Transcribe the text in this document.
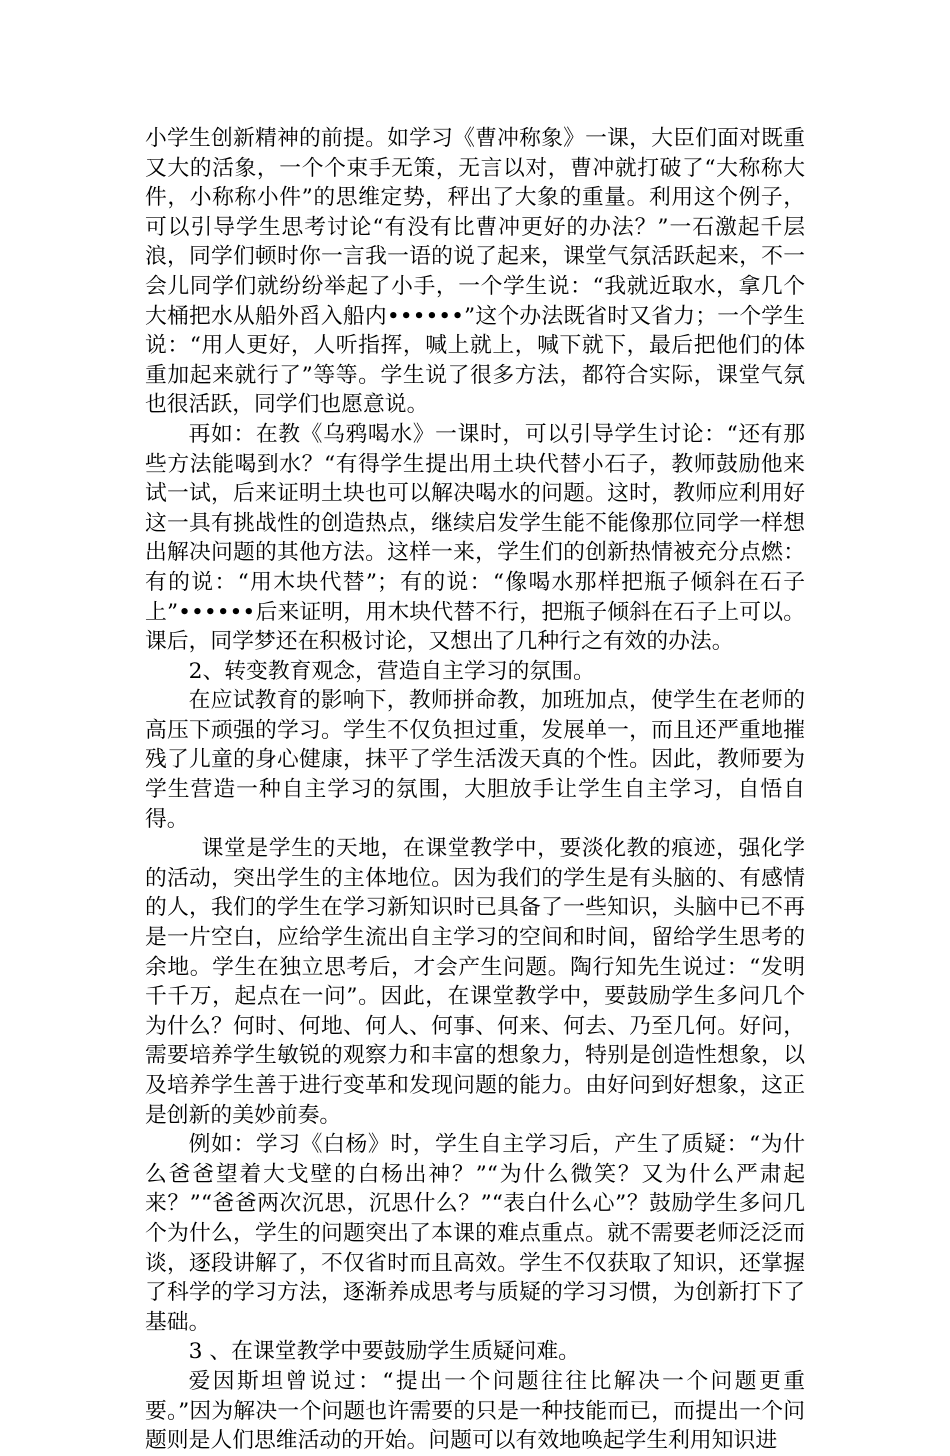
小学生创新精神的前提。如学习《曹冲称象》一课，大臣们面对既重又大的活象，一个个束手无策，无言以对，曹冲就打破了“大称称大件，小称称小件”的思维定势，秤出了大象的重量。利用这个例子，可以引导学生思考讨论“有没有比曹冲更好的办法？”一石激起千层浪，同学们顿时你一言我一语的说了起来，课堂气氛活跃起来，不一会儿同学们就纷纷举起了小手，一个学生说：“我就近取水，拿几个大桶把水从船外舀入船内••••••”这个办法既省时又省力；一个学生说：“用人更好，人听指挥，喊上就上，喊下就下，最后把他们的体重加起来就行了”等等。学生说了很多方法，都符合实际，课堂气氛也很活跃，同学们也愿意说。

再如：在教《乌鸦喝水》一课时，可以引导学生讨论：“还有那些方法能喝到水？“有得学生提出用土块代替小石子，教师鼓励他来试一试，后来证明土块也可以解决喝水的问题。这时，教师应利用好这一具有挑战性的创造热点，继续启发学生能不能像那位同学一样想出解决问题的其他方法。这样一来，学生们的创新热情被充分点燃：有的说：“用木块代替”；有的说：“像喝水那样把瓶子倾斜在石子上”••••••后来证明，用木块代替不行，把瓶子倾斜在石子上可以。课后，同学梦还在积极讨论，又想出了几种行之有效的办法。

2、转变教育观念，营造自主学习的氛围。

在应试教育的影响下，教师拼命教，加班加点，使学生在老师的高压下顽强的学习。学生不仅负担过重，发展单一，而且还严重地摧残了儿童的身心健康，抹平了学生活泼天真的个性。因此，教师要为学生营造一种自主学习的氛围，大胆放手让学生自主学习，自悟自得。

课堂是学生的天地，在课堂教学中，要淡化教的痕迹，强化学的活动，突出学生的主体地位。因为我们的学生是有头脑的、有感情的人，我们的学生在学习新知识时已具备了一些知识，头脑中已不再是一片空白，应给学生流出自主学习的空间和时间，留给学生思考的余地。学生在独立思考后，才会产生问题。陶行知先生说过：“发明千千万，起点在一问”。因此，在课堂教学中，要鼓励学生多问几个为什么？何时、何地、何人、何事、何来、何去、乃至几何。好问，需要培养学生敏锐的观察力和丰富的想象力，特别是创造性想象，以及培养学生善于进行变革和发现问题的能力。由好问到好想象，这正是创新的美妙前奏。

例如：学习《白杨》时，学生自主学习后，产生了质疑：“为什么爸爸望着大戈壁的白杨出神？”“为什么微笑？又为什么严肃起来？”“爸爸两次沉思，沉思什么？”“表白什么心”？鼓励学生多问几个为什么，学生的问题突出了本课的难点重点。就不需要老师泛泛而谈，逐段讲解了，不仅省时而且高效。学生不仅获取了知识，还掌握了科学的学习方法，逐渐养成思考与质疑的学习习惯，为创新打下了基础。

3 、在课堂教学中要鼓励学生质疑问难。

爱因斯坦曾说过：“提出一个问题往往比解决一个问题更重要。”因为解决一个问题也许需要的只是一种技能而已，而提出一个问题则是人们思维活动的开始。问题可以有效地唤起学生利用知识进
